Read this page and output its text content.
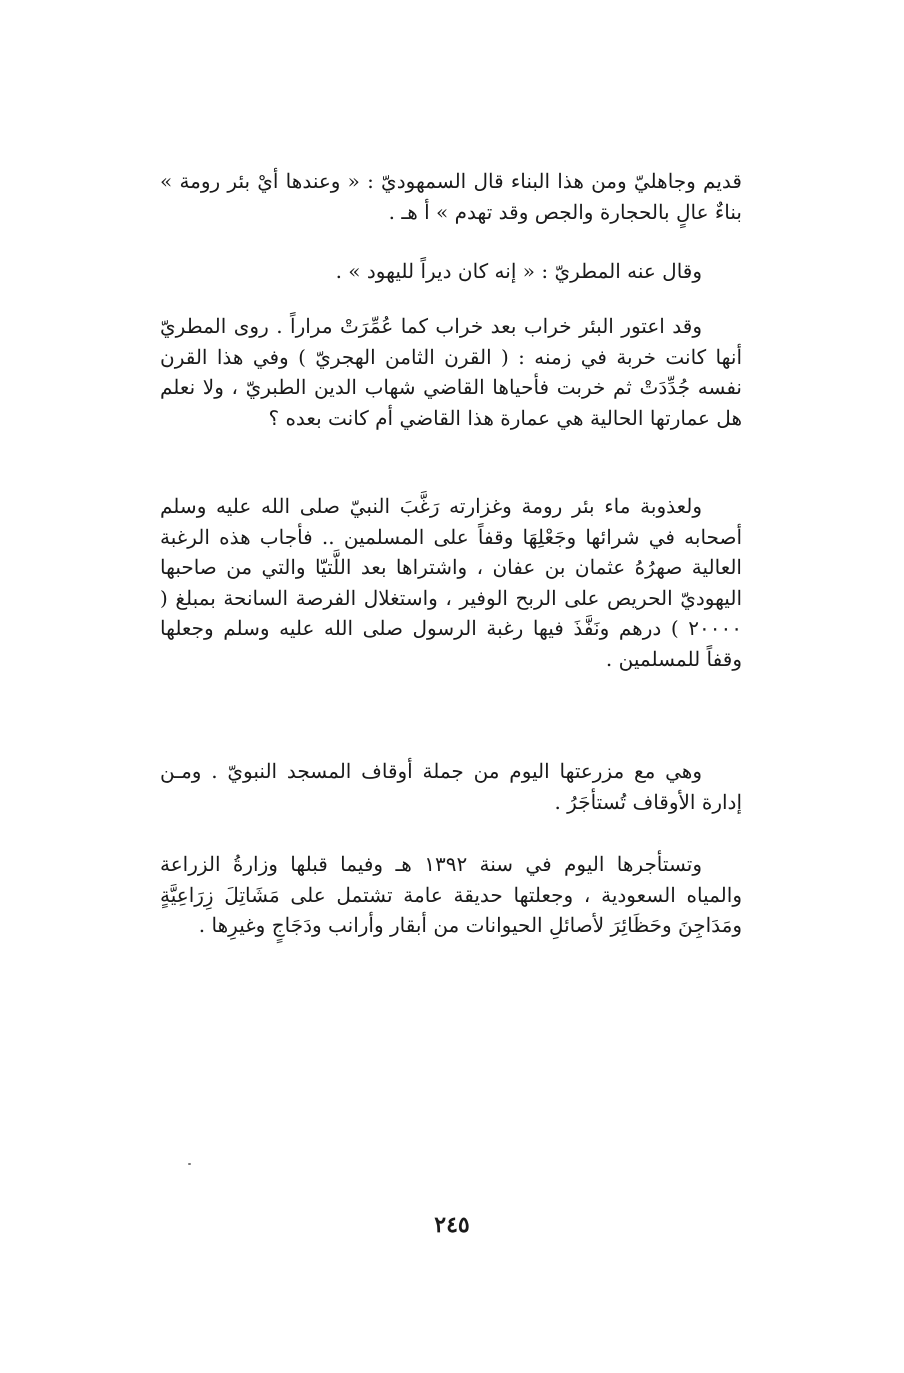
قديم وجاهليّ ومن هذا البناء قال السمهوديّ : « وعندها أيْ بئر رومة » بناءٌ عالٍ بالحجارة والجص وقد تهدم » أ هـ .

وقال عنه المطريّ : « إنه كان ديراً لليهود » .

وقد اعتور البئر خراب بعد خراب كما عُمِّرَتْ مراراً . روى المطريّ أنها كانت خربة في زمنه : ( القرن الثامن الهجريّ ) وفي هذا القرن نفسه جُدِّدَتْ ثم خربت فأحياها القاضي شهاب الدين الطبريّ ، ولا نعلم هل عمارتها الحالية هي عمارة هذا القاضي أم كانت بعده ؟

ولعذوبة ماء بئر رومة وغزارته رَغَّبَ النبيّ صلى الله عليه وسلم أصحابه في شرائها وجَعْلِهَا وقفاً على المسلمين .. فأجاب هذه الرغبة العالية صهرُهُ عثمان بن عفان ، واشتراها بعد اللَّتيّا والتي من صاحبها اليهوديّ الحريص على الربح الوفير ، واستغلال الفرصة السانحة بمبلغ ( ٢٠٠٠٠ ) درهم ونَفَّذَ فيها رغبة الرسول صلى الله عليه وسلم وجعلها وقفاً للمسلمين .

وهي مع مزرعتها اليوم من جملة أوقاف المسجد النبويّ . ومـن إدارة الأوقاف تُستأجَرُ .

وتستأجرها اليوم في سنة ١٣٩٢ هـ وفيما قبلها وزارةُ الزراعة والمياه السعودية ، وجعلتها حديقة عامة تشتمل على مَشَاتِلَ زِرَاعِيَّةٍ ومَدَاجِنَ وحَظَائِرَ لأصائلِ الحيوانات من أبقار وأرانب ودَجَاجٍ وغيرِها .

٢٤٥
